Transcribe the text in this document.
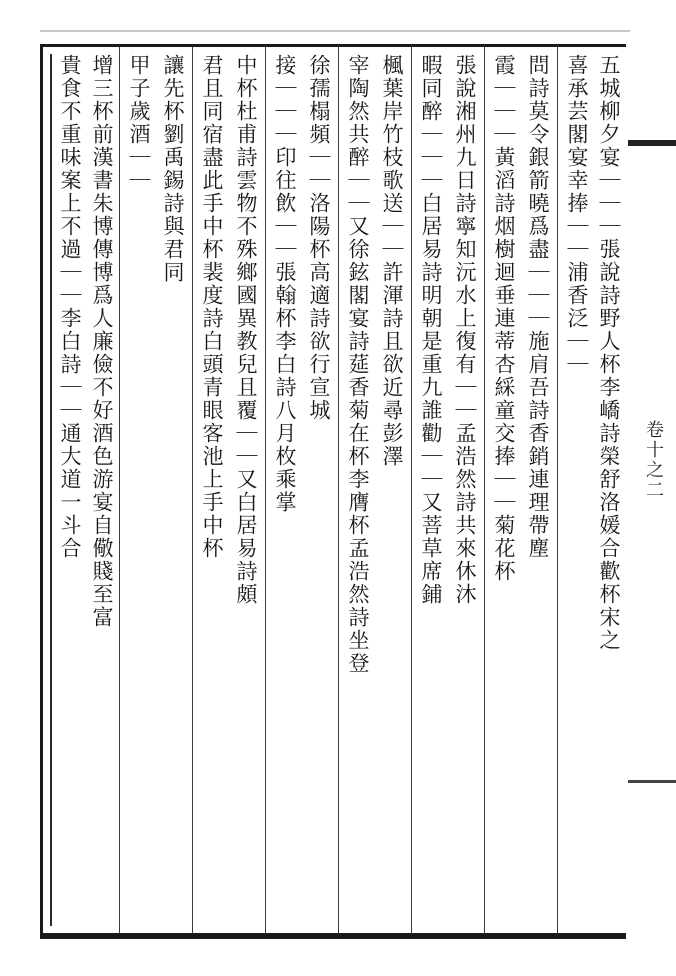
卷十之二
五城柳夕宴｜｜｜張說詩野人杯李嶠詩榮舒洛媛合歡杯宋之
喜承芸閣宴幸捧｜｜浦香泛｜｜
問詩莫令銀箭曉爲盡｜｜｜施肩吾詩香銷連理帶塵
霞｜｜｜黃滔詩烟樹迴垂連蒂杏綵童交捧｜｜菊花杯
張說湘州九日詩寧知沅水上復有｜｜孟浩然詩共來休沐
暇同醉｜｜｜白居易詩明朝是重九誰勸｜｜又菩草席鋪
楓葉岸竹枝歌送｜｜許渾詩且欲近尋彭澤
宰陶然共醉｜｜又徐鉉閣宴詩莚香菊在杯李膺杯孟浩然詩坐登
徐孺榻頻｜｜洛陽杯高適詩欲行宣城
接｜｜｜印往飲｜｜張翰杯李白詩八月枚乘掌
中杯杜甫詩雲物不殊鄉國異教兒且覆｜｜又白居易詩頗
君且同宿盡此手中杯裴度詩白頭青眼客池上手中杯
讓先杯劉禹錫詩與君同
甲子歲酒｜｜
增三杯前漢書朱博傳博爲人廉儉不好酒色游宴自儆賤至富
貴食不重味案上不過｜｜李白詩｜｜通大道一斗合
